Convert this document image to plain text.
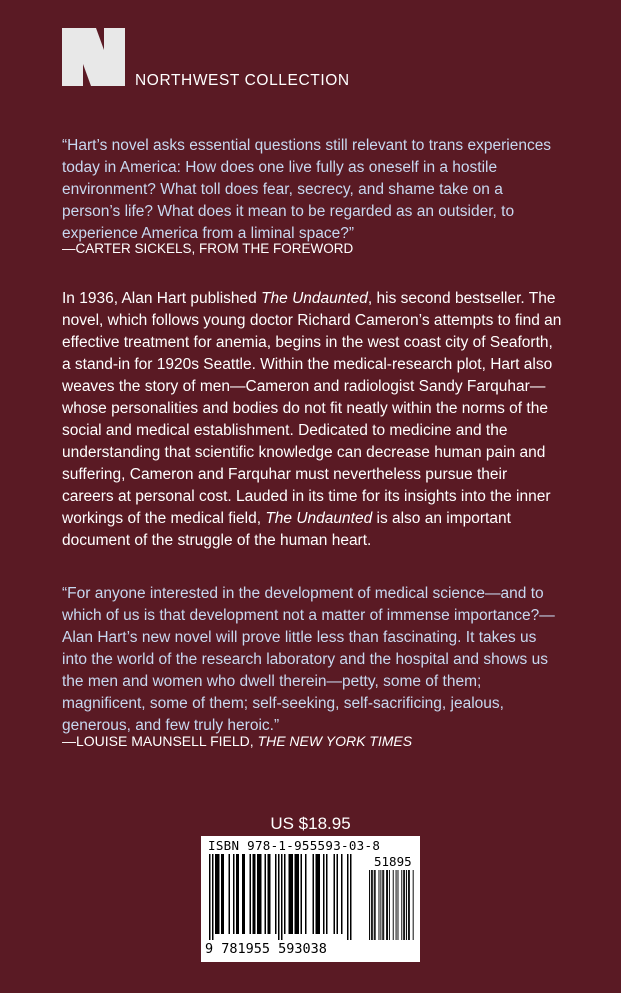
NORTHWEST COLLECTION

“Hart’s novel asks essential questions still relevant to trans experiences today in America: How does one live fully as oneself in a hostile environment? What toll does fear, secrecy, and shame take on a person’s life? What does it mean to be regarded as an outsider, to experience America from a liminal space?”

—CARTER SICKELS, FROM THE FOREWORD

In 1936, Alan Hart published The Undaunted, his second bestseller. The novel, which follows young doctor Richard Cameron’s attempts to find an effective treatment for anemia, begins in the west coast city of Seaforth, a stand-in for 1920s Seattle. Within the medical-research plot, Hart also weaves the story of men—Cameron and radiologist Sandy Farquhar—whose personalities and bodies do not fit neatly within the norms of the social and medical establishment. Dedicated to medicine and the understanding that scientific knowledge can decrease human pain and suffering, Cameron and Farquhar must nevertheless pursue their careers at personal cost. Lauded in its time for its insights into the inner workings of the medical field, The Undaunted is also an important document of the struggle of the human heart.

“For anyone interested in the development of medical science—and to which of us is that development not a matter of immense importance?—Alan Hart’s new novel will prove little less than fascinating. It takes us into the world of the research laboratory and the hospital and shows us the men and women who dwell therein—petty, some of them; magnificent, some of them; self-seeking, self-sacrificing, jealous, generous, and few truly heroic.”

—LOUISE MAUNSELL FIELD, THE NEW YORK TIMES
US $18.95
ISBN 978-1-955593-03-8
51895
9 781955 593038
